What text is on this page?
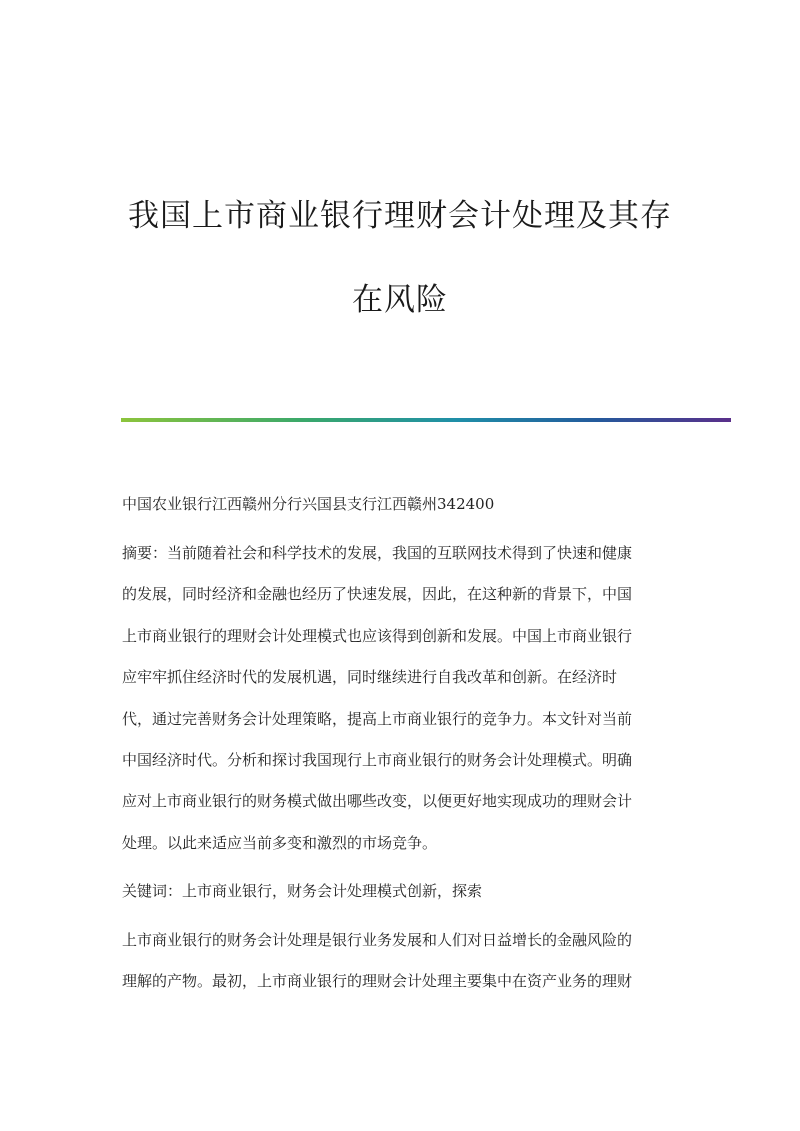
我国上市商业银行理财会计处理及其存
在风险
中国农业银行江西赣州分行兴国县支行江西赣州342400
摘要：当前随着社会和科学技术的发展，我国的互联网技术得到了快速和健康
的发展，同时经济和金融也经历了快速发展，因此，在这种新的背景下，中国
上市商业银行的理财会计处理模式也应该得到创新和发展。中国上市商业银行
应牢牢抓住经济时代的发展机遇，同时继续进行自我改革和创新。在经济时
代，通过完善财务会计处理策略，提高上市商业银行的竞争力。本文针对当前
中国经济时代。分析和探讨我国现行上市商业银行的财务会计处理模式。明确
应对上市商业银行的财务模式做出哪些改变，以便更好地实现成功的理财会计
处理。以此来适应当前多变和激烈的市场竞争。
关键词：上市商业银行，财务会计处理模式创新，探索
上市商业银行的财务会计处理是银行业务发展和人们对日益增长的金融风险的
理解的产物。最初，上市商业银行的理财会计处理主要集中在资产业务的理财
